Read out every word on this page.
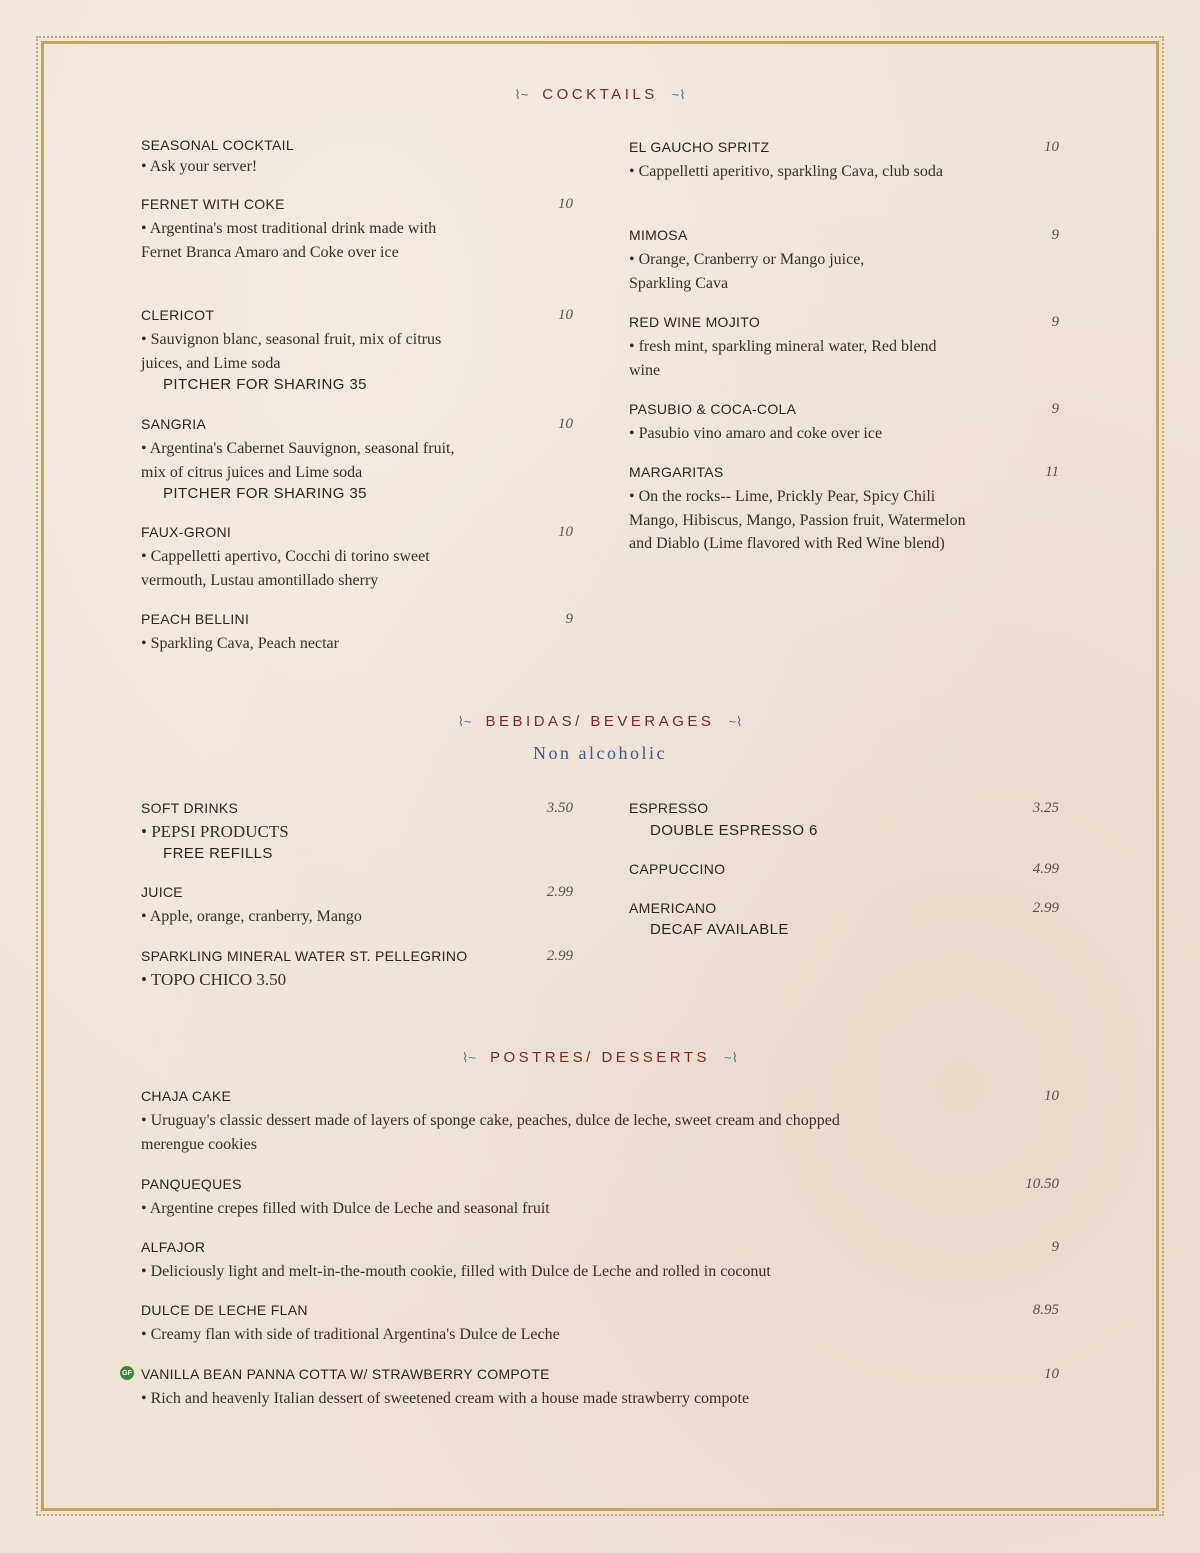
⌇~ COCKTAILS ~⌇
SEASONAL COCKTAIL
• Ask your server!
FERNET WITH COKE	10
• Argentina's most traditional drink made with Fernet Branca Amaro and Coke over ice
CLERICOT	10
• Sauvignon blanc, seasonal fruit, mix of citrus juices, and Lime soda
PITCHER FOR SHARING 35
SANGRIA	10
• Argentina's Cabernet Sauvignon, seasonal fruit, mix of citrus juices and Lime soda
PITCHER FOR SHARING 35
FAUX-GRONI	10
• Cappelletti apertivo, Cocchi di torino sweet vermouth, Lustau amontillado sherry
PEACH BELLINI	9
• Sparkling Cava, Peach nectar
EL GAUCHO SPRITZ	10
• Cappelletti aperitivo, sparkling Cava, club soda
MIMOSA	9
• Orange, Cranberry or Mango juice, Sparkling Cava
RED WINE MOJITO	9
• fresh mint, sparkling mineral water, Red blend wine
PASUBIO & COCA-COLA	9
• Pasubio vino amaro and coke over ice
MARGARITAS	11
• On the rocks-- Lime, Prickly Pear, Spicy Chili Mango, Hibiscus, Mango, Passion fruit, Watermelon and Diablo (Lime flavored with Red Wine blend)
⌇~ BEBIDAS/ BEVERAGES ~⌇
Non alcoholic
SOFT DRINKS	3.50
• PEPSI PRODUCTS
FREE REFILLS
JUICE	2.99
• Apple, orange, cranberry, Mango
SPARKLING MINERAL WATER ST. PELLEGRINO	2.99
• TOPO CHICO 3.50
ESPRESSO	3.25
DOUBLE ESPRESSO 6
CAPPUCCINO	4.99
AMERICANO	2.99
DECAF AVAILABLE
⌇~ POSTRES/ DESSERTS ~⌇
CHAJA CAKE	10
• Uruguay's classic dessert made of layers of sponge cake, peaches, dulce de leche, sweet cream and chopped merengue cookies
PANQUEQUES	10.50
• Argentine crepes filled with Dulce de Leche and seasonal fruit
ALFAJOR	9
• Deliciously light and melt-in-the-mouth cookie, filled with Dulce de Leche and rolled in coconut
DULCE DE LECHE FLAN	8.95
• Creamy flan with side of traditional Argentina's Dulce de Leche
GF VANILLA BEAN PANNA COTTA W/ STRAWBERRY COMPOTE	10
• Rich and heavenly Italian dessert of sweetened cream with a house made strawberry compote
